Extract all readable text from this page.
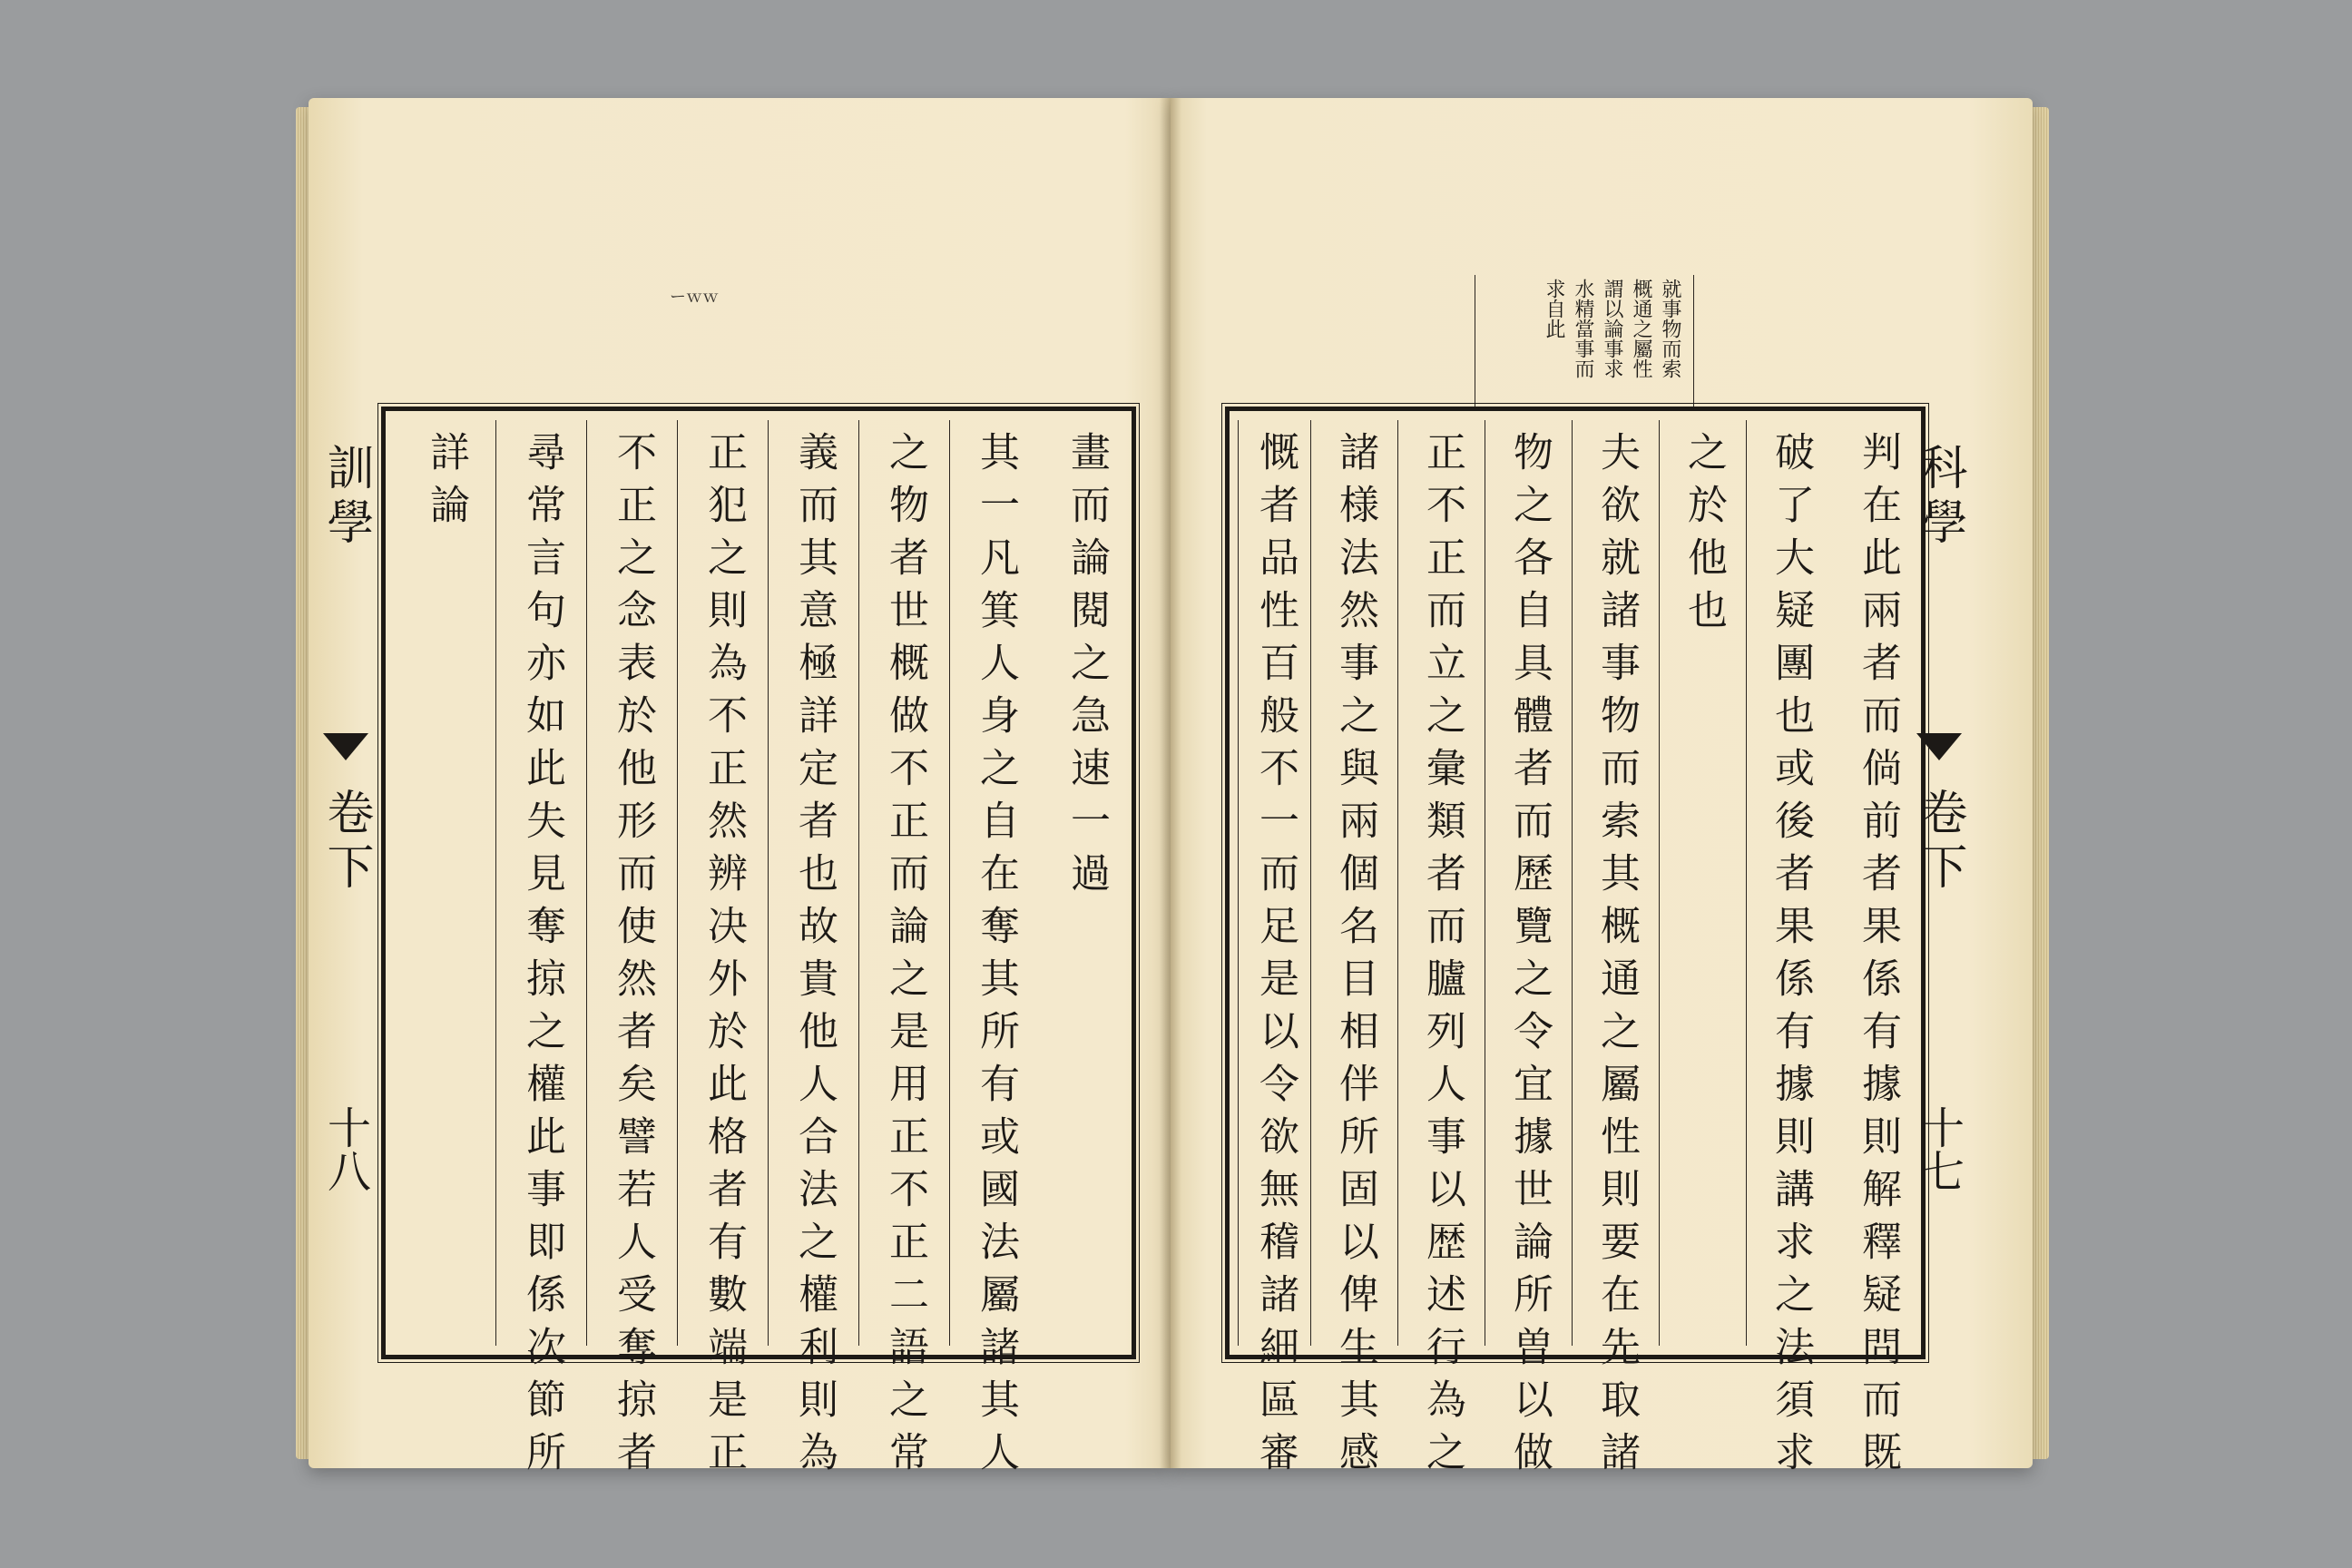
ーｗｗ
訓學
卷下
十八
畫而論閱之急速一過
其一凡箕人身之自在奪其所有或國法屬諸其人
之物者世概做不正而論之是用正不正二語之常
義而其意極詳定者也故貴他人合法之權利則為
正犯之則為不正然辨决外於此格者有數端是正
不正之念表於他形而使然者矣譬若人受奪掠者
尋常言句亦如此失見奪掠之權此事即係次節所
詳論
就事物而索
概通之屬性
謂以論事求
水精當事而
求自此
判在此兩者而倘前者果係有據則解釋疑問而既
破了大疑團也或後者果係有據則講求之法須求
之於他也
夫欲就諸事物而索其概通之屬性則要在先取諸
物之各自具體者而歷覽之令宜據世論所曽以做
正不正而立之彙類者而臚列人事以歴述行為之
諸様法然事之與兩個名目相伴所固以俾生其感
慨者品性百般不一而足是以令欲無稽諸細區審	科學
卷下
十七
